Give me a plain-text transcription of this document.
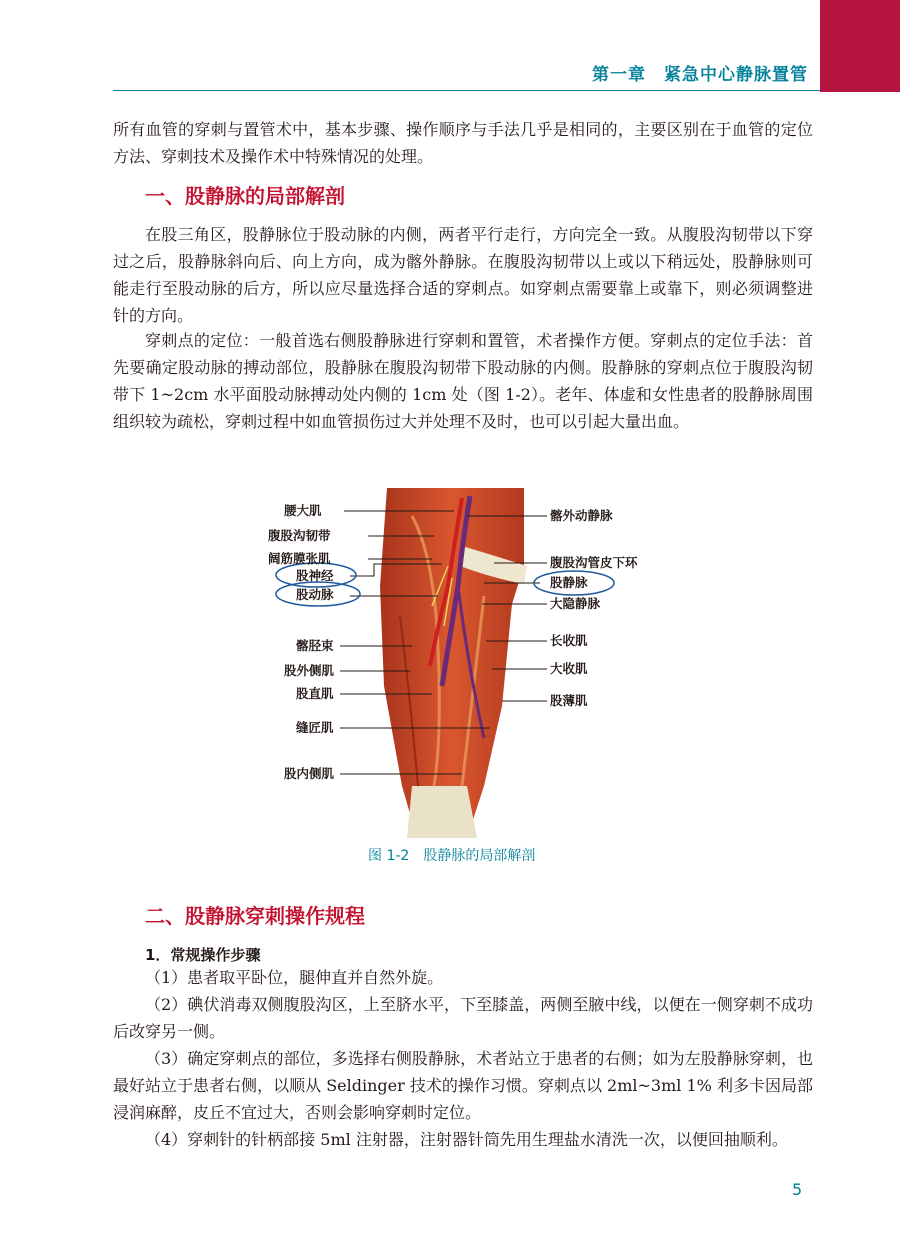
第一章　紧急中心静脉置管

所有血管的穿刺与置管术中，基本步骤、操作顺序与手法几乎是相同的，主要区别在于血管的定位方法、穿刺技术及操作术中特殊情况的处理。

一、股静脉的局部解剖

在股三角区，股静脉位于股动脉的内侧，两者平行走行，方向完全一致。从腹股沟韧带以下穿过之后，股静脉斜向后、向上方向，成为髂外静脉。在腹股沟韧带以上或以下稍远处，股静脉则可能走行至股动脉的后方，所以应尽量选择合适的穿刺点。如穿刺点需要靠上或靠下，则必须调整进针的方向。

穿刺点的定位：一般首选右侧股静脉进行穿刺和置管，术者操作方便。穿刺点的定位手法：首先要确定股动脉的搏动部位，股静脉在腹股沟韧带下股动脉的内侧。股静脉的穿刺点位于腹股沟韧带下 1~2cm 水平面股动脉搏动处内侧的 1cm 处（图 1-2）。老年、体虚和女性患者的股静脉周围组织较为疏松，穿刺过程中如血管损伤过大并处理不及时，也可以引起大量出血。

腰大肌
腹股沟韧带
阔筋膜张肌
股神经
股动脉
髂胫束
股外侧肌
股直肌
缝匠肌
股内侧肌
髂外动静脉
腹股沟管皮下环
股静脉
大隐静脉
长收肌
大收肌
股薄肌
图 1-2　股静脉的局部解剖
二、股静脉穿刺操作规程

1．常规操作步骤

（1）患者取平卧位，腿伸直并自然外旋。

（2）碘伏消毒双侧腹股沟区，上至脐水平，下至膝盖，两侧至腋中线，以便在一侧穿刺不成功后改穿另一侧。

（3）确定穿刺点的部位，多选择右侧股静脉，术者站立于患者的右侧；如为左股静脉穿刺，也最好站立于患者右侧，以顺从 Seldinger 技术的操作习惯。穿刺点以 2ml~3ml 1% 利多卡因局部浸润麻醉，皮丘不宜过大，否则会影响穿刺时定位。

（4）穿刺针的针柄部接 5ml 注射器，注射器针筒先用生理盐水清洗一次，以便回抽顺利。

5
